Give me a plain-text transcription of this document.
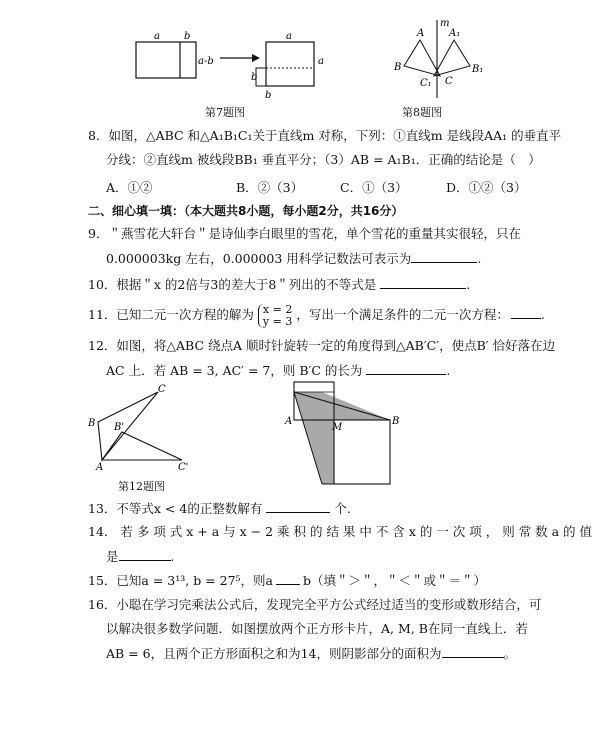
a b
a-b
a
a
b
b
第7题图
m
A A₁
B	B₁
C
C₁
第8题图
8．如图，△ABC 和△A₁B₁C₁关于直线m 对称，下列：①直线m 是线段AA₁ 的垂直平
分线：②直线m 被线段BB₁ 垂直平分；（3）AB = A₁B₁．正确的结论是（　）
A．①②	B．②（3）	C．①（3）	D．①②（3）
二、细心填一填：（本大题共8小题，每小题2分，共16分）
9．＂燕雪花大轩台＂是诗仙李白眼里的雪花，单个雪花的重量其实很轻，只在
0.000003kg 左右，0.000003 用科学记数法可表示为	.
10．根据＂x 的2倍与3的差大于8＂列出的不等式是	.
11．已知二元一次方程的解为 x = 2
y = 3 ，写出一个满足条件的二元一次方程：	.
12．如图，将△ABC 绕点A 顺时针旋转一定的角度得到△AB′C′，使点B′ 恰好落在边
AC 上．若 AB = 3, AC′ = 7，则 B′C 的长为	.
B
C
B'
A	C'
第12题图
A
M
B
13．不等式x < 4的正整数解有	个.
14． 若 多 项 式 x + a 与 x − 2 乘 积 的 结 果 中 不 含 x 的 一 次 项 ， 则 常 数 a 的 值
是	.
15．已知a = 3¹³, b = 27⁵，则a b（填＂＞＂，＂＜＂或＂＝＂）
16．小聪在学习完乘法公式后，发现完全平方公式经过适当的变形或数形结合，可
以解决很多数学问题．如图摆放两个正方形卡片，A, M, B在同一直线上．若
AB = 6，且两个正方形面积之和为14，则阴影部分的面积为	。
